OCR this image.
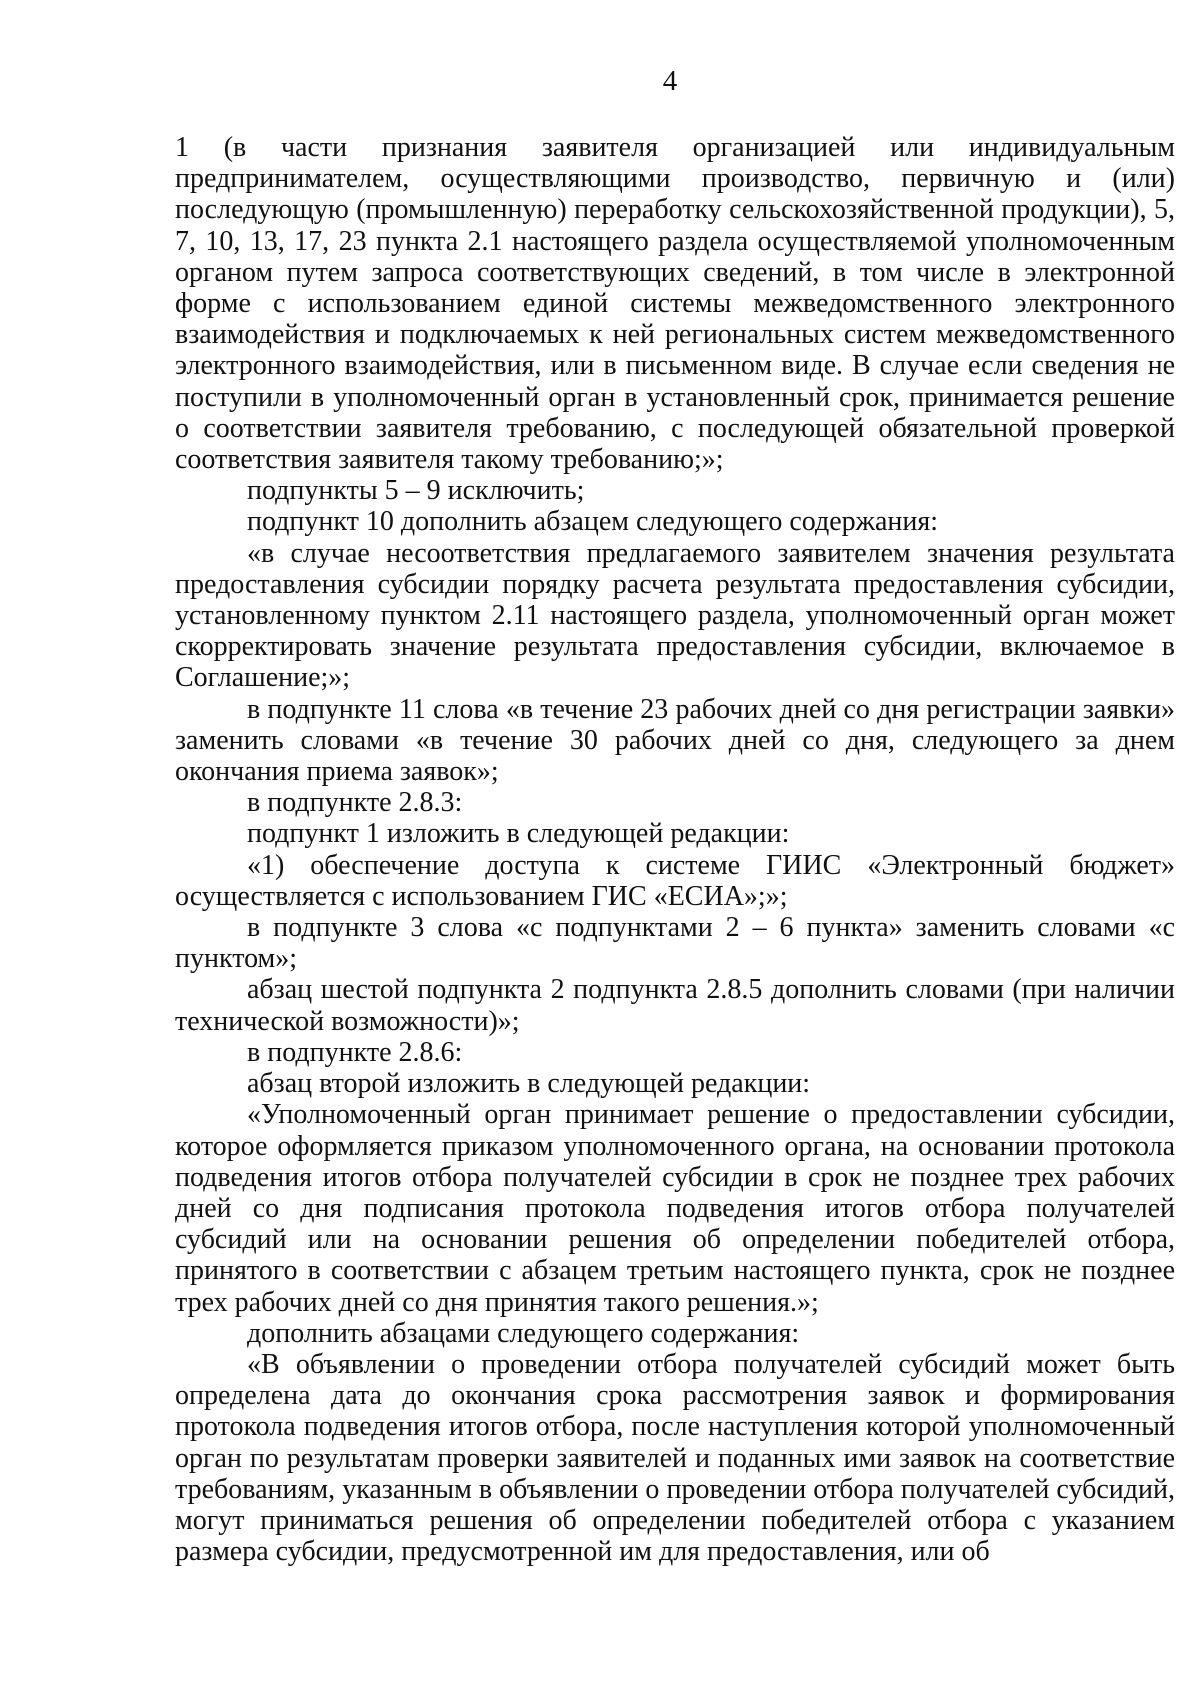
4

1 (в части признания заявителя организацией или индивидуальным предпринимателем, осуществляющими производство, первичную и (или) последующую (промышленную) переработку сельскохозяйственной продукции), 5, 7, 10, 13, 17, 23 пункта 2.1 настоящего раздела осуществляемой уполномоченным органом путем запроса соответствующих сведений, в том числе в электронной форме с использованием единой системы межведомственного электронного взаимодействия и подключаемых к ней региональных систем межведомственного электронного взаимодействия, или в письменном виде. В случае если сведения не поступили в уполномоченный орган в установленный срок, принимается решение о соответствии заявителя требованию, с последующей обязательной проверкой соответствия заявителя такому требованию;»;

подпункты 5 – 9 исключить;

подпункт 10 дополнить абзацем следующего содержания:

«в случае несоответствия предлагаемого заявителем значения результата предоставления субсидии порядку расчета результата предоставления субсидии, установленному пунктом 2.11 настоящего раздела, уполномоченный орган может скорректировать значение результата предоставления субсидии, включаемое в Соглашение;»;

в подпункте 11 слова «в течение 23 рабочих дней со дня регистрации заявки» заменить словами «в течение 30 рабочих дней со дня, следующего за днем окончания приема заявок»;

в подпункте 2.8.3:

подпункт 1 изложить в следующей редакции:

«1) обеспечение доступа к системе ГИИС «Электронный бюджет» осуществляется с использованием ГИС «ЕСИА»;»;

в подпункте 3 слова «с подпунктами 2 – 6 пункта» заменить словами «с пунктом»;

абзац шестой подпункта 2 подпункта 2.8.5 дополнить словами (при наличии технической возможности)»;

в подпункте 2.8.6:

абзац второй изложить в следующей редакции:

«Уполномоченный орган принимает решение о предоставлении субсидии, которое оформляется приказом уполномоченного органа, на основании протокола подведения итогов отбора получателей субсидии в срок не позднее трех рабочих дней со дня подписания протокола подведения итогов отбора получателей субсидий или на основании решения об определении победителей отбора, принятого в соответствии с абзацем третьим настоящего пункта, срок не позднее трех рабочих дней со дня принятия такого решения.»;

дополнить абзацами следующего содержания:

«В объявлении о проведении отбора получателей субсидий может быть определена дата до окончания срока рассмотрения заявок и формирования протокола подведения итогов отбора, после наступления которой уполномоченный орган по результатам проверки заявителей и поданных ими заявок на соответствие требованиям, указанным в объявлении о проведении отбора получателей субсидий, могут приниматься решения об определении победителей отбора с указанием размера субсидии, предусмотренной им для предоставления, или об
